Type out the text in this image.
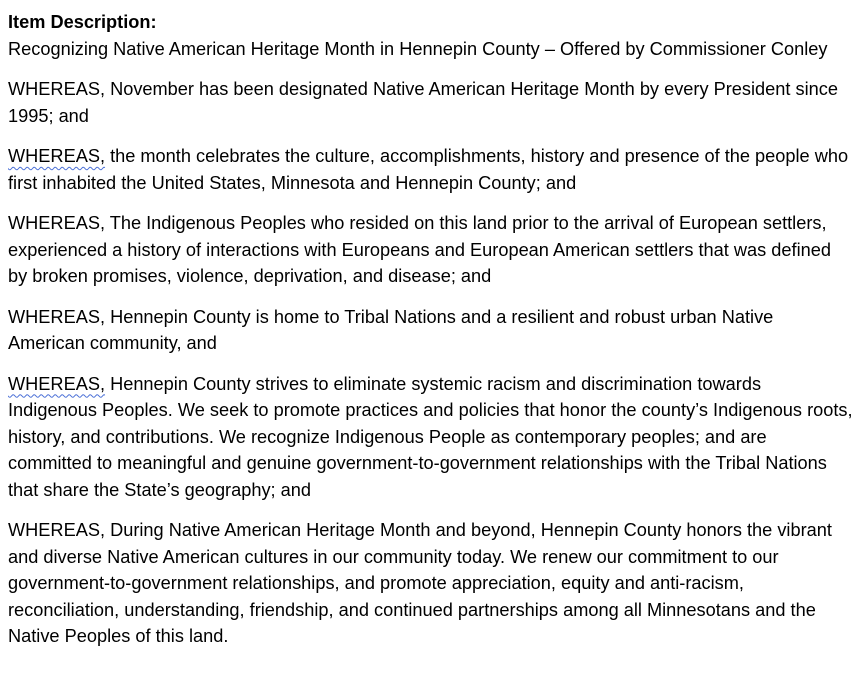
Item Description:

Recognizing Native American Heritage Month in Hennepin County – Offered by Commissioner Conley

WHEREAS, November has been designated Native American Heritage Month by every President since 1995; and

WHEREAS, the month celebrates the culture, accomplishments, history and presence of the people who first inhabited the United States, Minnesota and Hennepin County; and

WHEREAS, The Indigenous Peoples who resided on this land prior to the arrival of European settlers, experienced a history of interactions with Europeans and European American settlers that was defined by broken promises, violence, deprivation, and disease; and

WHEREAS, Hennepin County is home to Tribal Nations and a resilient and robust urban Native American community, and

WHEREAS, Hennepin County strives to eliminate systemic racism and discrimination towards Indigenous Peoples. We seek to promote practices and policies that honor the county’s Indigenous roots, history, and contributions. We recognize Indigenous People as contemporary peoples; and are committed to meaningful and genuine government-to-government relationships with the Tribal Nations that share the State’s geography; and

WHEREAS, During Native American Heritage Month and beyond, Hennepin County honors the vibrant and diverse Native American cultures in our community today. We renew our commitment to our government-to-government relationships, and promote appreciation, equity and anti-racism, reconciliation, understanding, friendship, and continued partnerships among all Minnesotans and the Native Peoples of this land.
